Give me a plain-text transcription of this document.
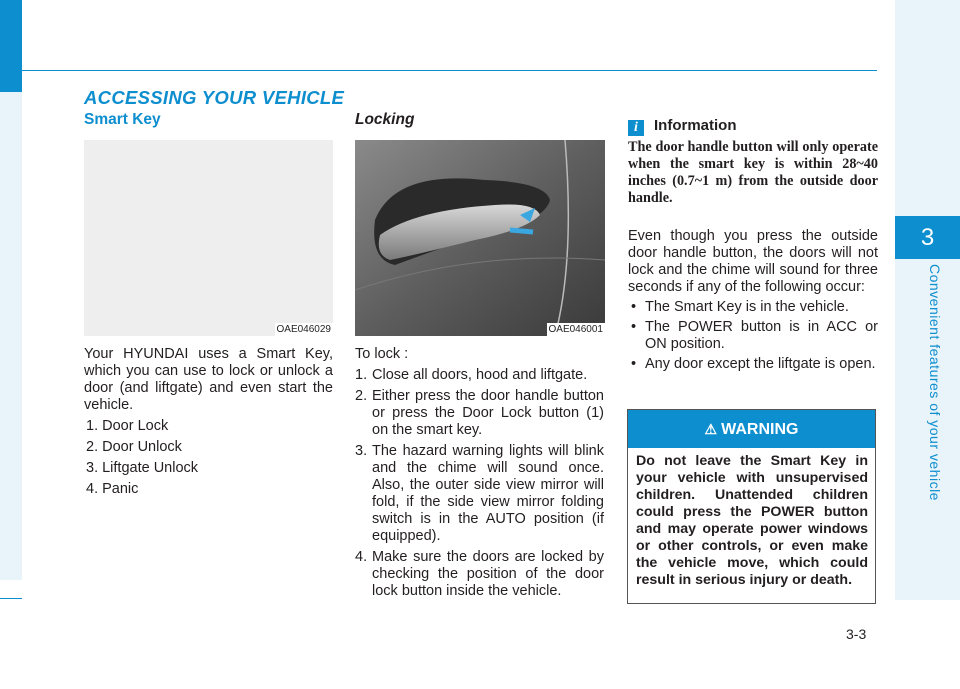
3
Convenient features of your vehicle
ACCESSING YOUR VEHICLE
Smart Key
OAE046029

Your HYUNDAI uses a Smart Key, which you can use to lock or unlock a door (and liftgate) and even start the vehicle.

1. Door Lock

2. Door Unlock

3. Liftgate Unlock

4. Panic

Locking
OAE046001

To lock :

1. Close all doors, hood and liftgate.
2. Either press the door handle button or press the Door Lock button (1) on the smart key.
3. The hazard warning lights will blink and the chime will sound once. Also, the outer side view mirror will fold, if the side view mirror folding switch is in the AUTO position (if equipped).
4. Make sure the doors are locked by checking the position of the door lock button inside the vehicle.
i Information
The door handle button will only operate when the smart key is within 28~40 inches (0.7~1 m) from the outside door handle.

Even though you press the outside door handle button, the doors will not lock and the chime will sound for three seconds if any of the following occur:

• The Smart Key is in the vehicle.
• The POWER button is in ACC or ON position.
• Any door except the liftgate is open.
⚠ WARNING
Do not leave the Smart Key in your vehicle with unsupervised children. Unattended children could press the POWER button and may operate power windows or other controls, or even make the vehicle move, which could result in serious injury or death.
3-3
